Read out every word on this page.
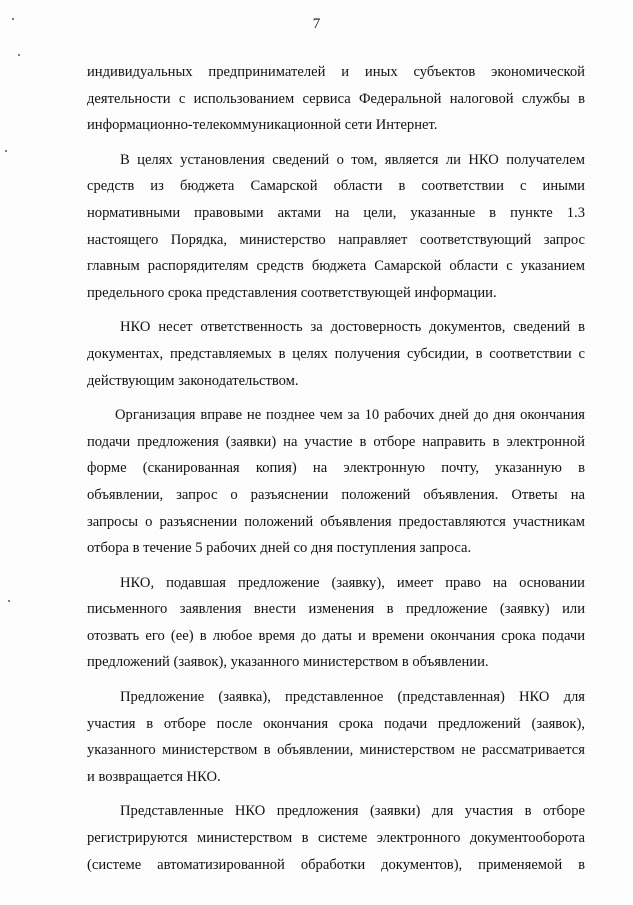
7
индивидуальных предпринимателей и иных субъектов экономической
деятельности с использованием сервиса Федеральной налоговой службы в
информационно-телекоммуникационной сети Интернет.
В целях установления сведений о том, является ли НКО получателем
средств из бюджета Самарской области в соответствии с иными
нормативными правовыми актами на цели, указанные в пункте 1.3
настоящего Порядка, министерство направляет соответствующий запрос
главным распорядителям средств бюджета Самарской области с указанием
предельного срока представления соответствующей информации.
НКО несет ответственность за достоверность документов, сведений в
документах, представляемых в целях получения субсидии, в соответствии с
действующим законодательством.
Организация вправе не позднее чем за 10 рабочих дней до дня окончания
подачи предложения (заявки) на участие в отборе направить в электронной
форме (сканированная копия) на электронную почту, указанную в
объявлении, запрос о разъяснении положений объявления. Ответы на
запросы о разъяснении положений объявления предоставляются участникам
отбора в течение 5 рабочих дней со дня поступления запроса.
НКО, подавшая предложение (заявку), имеет право на основании
письменного заявления внести изменения в предложение (заявку) или
отозвать его (ее) в любое время до даты и времени окончания срока подачи
предложений (заявок), указанного министерством в объявлении.
Предложение (заявка), представленное (представленная) НКО для
участия в отборе после окончания срока подачи предложений (заявок),
указанного министерством в объявлении, министерством не рассматривается
и возвращается НКО.
Представленные НКО предложения (заявки) для участия в отборе
регистрируются министерством в системе электронного документооборота
(системе автоматизированной обработки документов), применяемой в
